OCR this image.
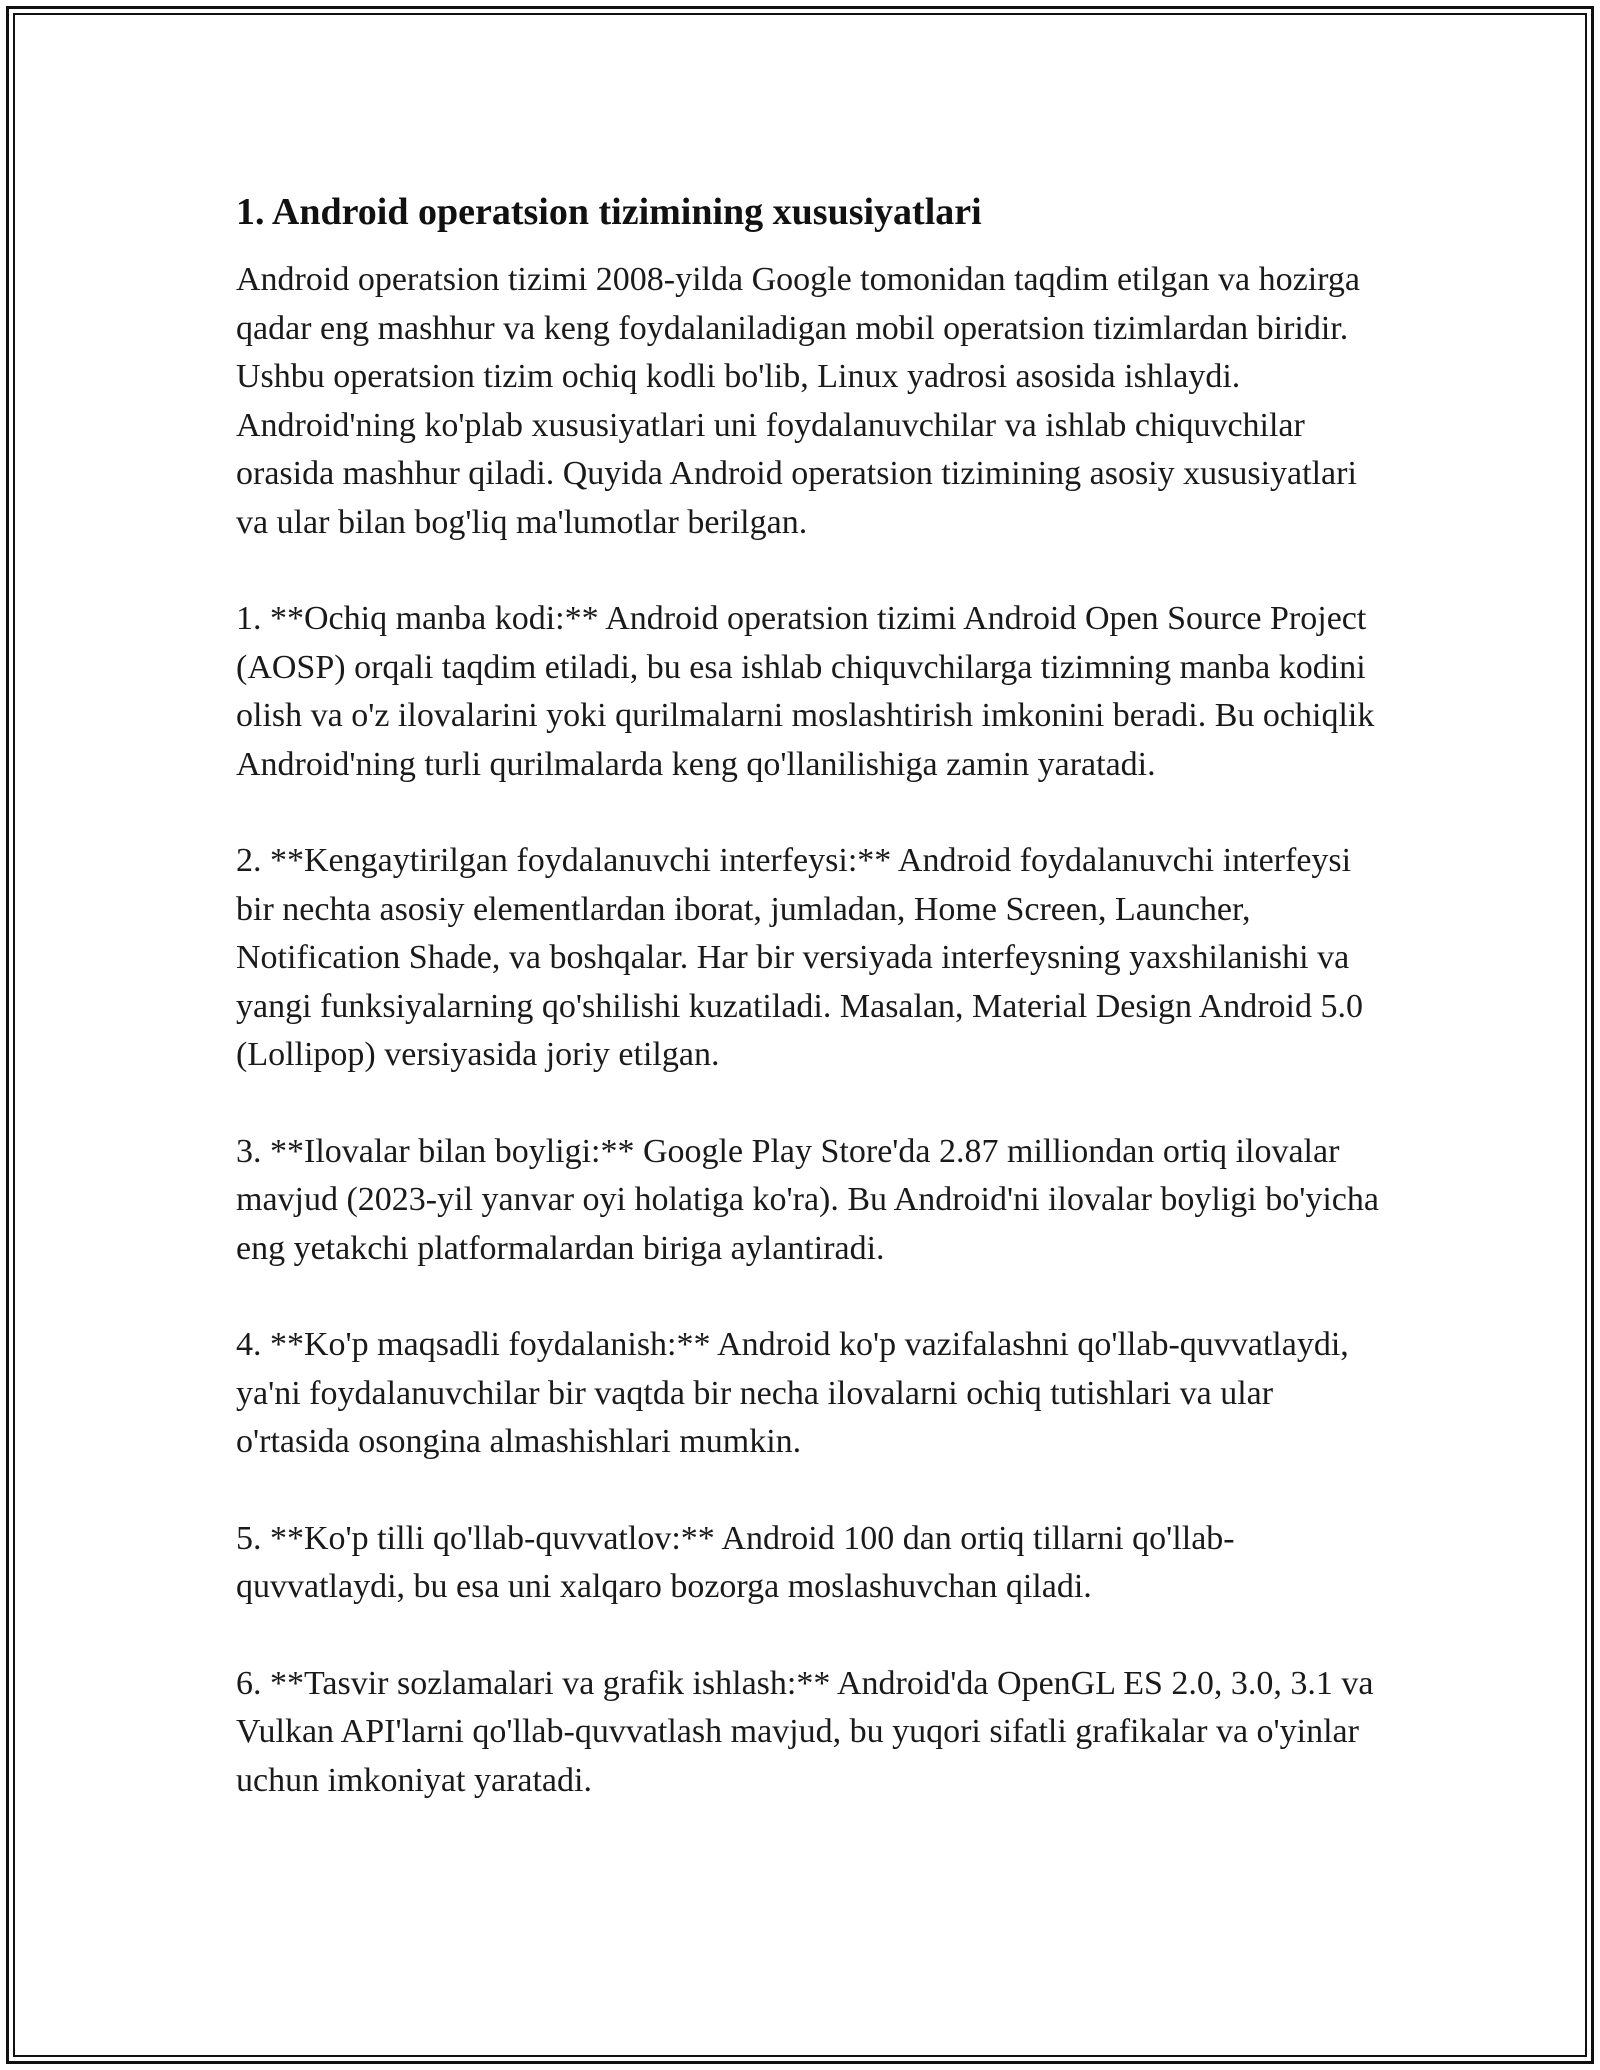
1. Android operatsion tizimining xususiyatlari

Android operatsion tizimi 2008-yilda Google tomonidan taqdim etilgan va hozirga qadar eng mashhur va keng foydalaniladigan mobil operatsion tizimlardan biridir. Ushbu operatsion tizim ochiq kodli bo'lib, Linux yadrosi asosida ishlaydi. Android'ning ko'plab xususiyatlari uni foydalanuvchilar va ishlab chiquvchilar orasida mashhur qiladi. Quyida Android operatsion tizimining asosiy xususiyatlari va ular bilan bog'liq ma'lumotlar berilgan.

1. **Ochiq manba kodi:** Android operatsion tizimi Android Open Source Project (AOSP) orqali taqdim etiladi, bu esa ishlab chiquvchilarga tizimning manba kodini olish va o'z ilovalarini yoki qurilmalarni moslashtirish imkonini beradi. Bu ochiqlik Android'ning turli qurilmalarda keng qo'llanilishiga zamin yaratadi.

2. **Kengaytirilgan foydalanuvchi interfeysi:** Android foydalanuvchi interfeysi bir nechta asosiy elementlardan iborat, jumladan, Home Screen, Launcher, Notification Shade, va boshqalar. Har bir versiyada interfeysning yaxshilanishi va yangi funksiyalarning qo'shilishi kuzatiladi. Masalan, Material Design Android 5.0 (Lollipop) versiyasida joriy etilgan.

3. **Ilovalar bilan boyligi:** Google Play Store'da 2.87 milliondan ortiq ilovalar mavjud (2023-yil yanvar oyi holatiga ko'ra). Bu Android'ni ilovalar boyligi bo'yicha eng yetakchi platformalardan biriga aylantiradi.

4. **Ko'p maqsadli foydalanish:** Android ko'p vazifalashni qo'llab-quvvatlaydi, ya'ni foydalanuvchilar bir vaqtda bir necha ilovalarni ochiq tutishlari va ular o'rtasida osongina almashishlari mumkin.

5. **Ko'p tilli qo'llab-quvvatlov:** Android 100 dan ortiq tillarni qo'llab-quvvatlaydi, bu esa uni xalqaro bozorga moslashuvchan qiladi.

6. **Tasvir sozlamalari va grafik ishlash:** Android'da OpenGL ES 2.0, 3.0, 3.1 va Vulkan API'larni qo'llab-quvvatlash mavjud, bu yuqori sifatli grafikalar va o'yinlar uchun imkoniyat yaratadi.
